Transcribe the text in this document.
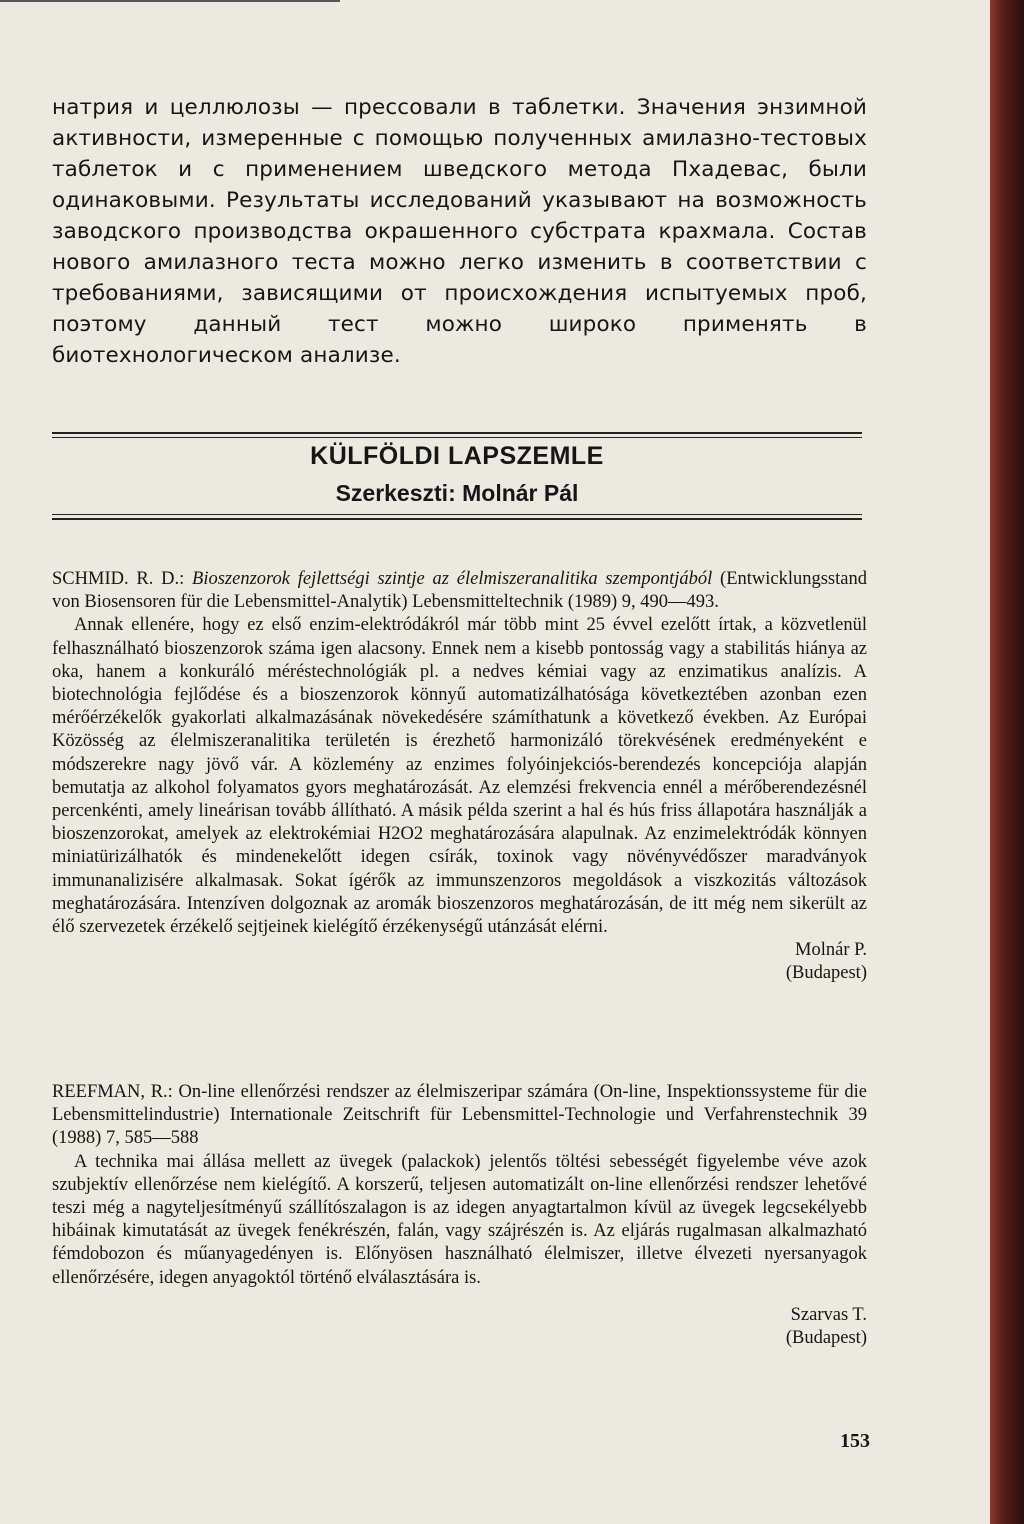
натрия и целлюлозы — прессовали в таблетки. Значения энзимной активности, измеренные с помощью полученных амилазно-тестовых таблеток и с применением шведского метода Пхадевас, были одинаковыми. Результаты исследований указывают на возможность заводского производства окрашенного субстрата крахмала. Состав нового амилазного теста можно легко изменить в соответствии с требованиями, зависящими от происхождения испытуемых проб, поэтому данный тест можно широко применять в биотехнологическом анализе.

KÜLFÖLDI LAPSZEMLE
Szerkeszti: Molnár Pál

SCHMID. R. D.: Bioszenzorok fejlettségi szintje az élelmiszeranalitika szempontjából (Entwicklungsstand von Biosensoren für die Lebensmittel-Analytik) Lebensmitteltechnik (1989) 9, 490—493.

Annak ellenére, hogy ez első enzim-elektródákról már több mint 25 évvel ezelőtt írtak, a közvetlenül felhasználható bioszenzorok száma igen alacsony. Ennek nem a kisebb pontosság vagy a stabilitás hiánya az oka, hanem a konkuráló méréstechnológiák pl. a nedves kémiai vagy az enzimatikus analízis. A biotechnológia fejlődése és a bioszenzorok könnyű automatizálhatósága következtében azonban ezen mérőérzékelők gyakorlati alkalmazásának növekedésére számíthatunk a következő években. Az Európai Közösség az élelmiszeranalitika területén is érezhető harmonizáló törekvésének eredményeként e módszerekre nagy jövő vár. A közlemény az enzimes folyóinjekciós-berendezés koncepciója alapján bemutatja az alkohol folyamatos gyors meghatározását. Az elemzési frekvencia ennél a mérőberendezésnél percenkénti, amely lineárisan tovább állítható. A másik példa szerint a hal és hús friss állapotára használják a bioszenzorokat, amelyek az elektrokémiai H2O2 meghatározására alapulnak. Az enzimelektródák könnyen miniatürizálhatók és mindenekelőtt idegen csírák, toxinok vagy növényvédőszer maradványok immunanalizisére alkalmasak. Sokat ígérők az immunszenzoros megoldások a viszkozitás változások meghatározására. Intenzíven dolgoznak az aromák bioszenzoros meghatározásán, de itt még nem sikerült az élő szervezetek érzékelő sejtjeinek kielégítő érzékenységű utánzását elérni.

Molnár P.

(Budapest)

REEFMAN, R.: On-line ellenőrzési rendszer az élelmiszeripar számára (On-line, Inspektionssysteme für die Lebensmittelindustrie) Internationale Zeitschrift für Lebensmittel-Technologie und Verfahrenstechnik 39 (1988) 7, 585—588

A technika mai állása mellett az üvegek (palackok) jelentős töltési sebességét figyelembe véve azok szubjektív ellenőrzése nem kielégítő. A korszerű, teljesen automatizált on-line ellenőrzési rendszer lehetővé teszi még a nagyteljesítményű szállítószalagon is az idegen anyagtartalmon kívül az üvegek legcsekélyebb hibáinak kimutatását az üvegek fenékrészén, falán, vagy szájrészén is. Az eljárás rugalmasan alkalmazható fémdobozon és műanyagedényen is. Előnyösen használható élelmiszer, illetve élvezeti nyersanyagok ellenőrzésére, idegen anyagoktól történő elválasztására is.

Szarvas T.

(Budapest)

153
